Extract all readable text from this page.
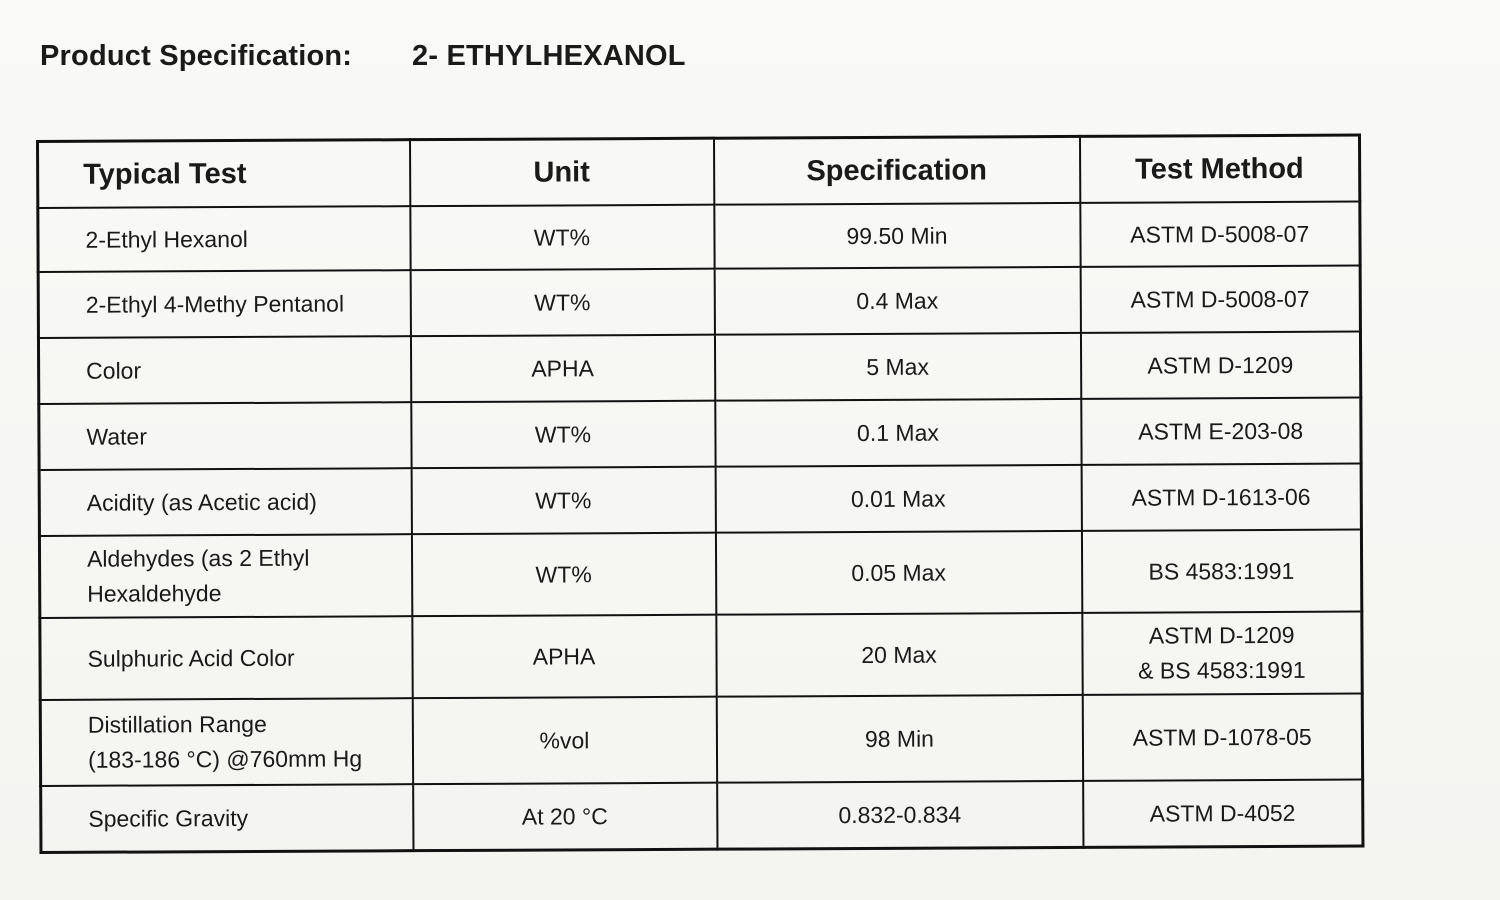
Product Specification:	2- ETHYLHEXANOL
Typical Test	Unit	Specification	Test Method
2-Ethyl Hexanol	WT%	99.50 Min	ASTM D-5008-07
2-Ethyl 4-Methy Pentanol	WT%	0.4 Max	ASTM D-5008-07
Color	APHA	5 Max	ASTM D-1209
Water	WT%	0.1 Max	ASTM E-203-08
Acidity (as Acetic acid)	WT%	0.01 Max	ASTM D-1613-06
Aldehydes (as 2 Ethyl
Hexaldehyde	WT%	0.05 Max	BS 4583:1991
Sulphuric Acid Color	APHA	20 Max	ASTM D-1209
& BS 4583:1991
Distillation Range
(183-186 °C) @760mm Hg	%vol	98 Min	ASTM D-1078-05
Specific Gravity	At 20 °C	0.832-0.834	ASTM D-4052
